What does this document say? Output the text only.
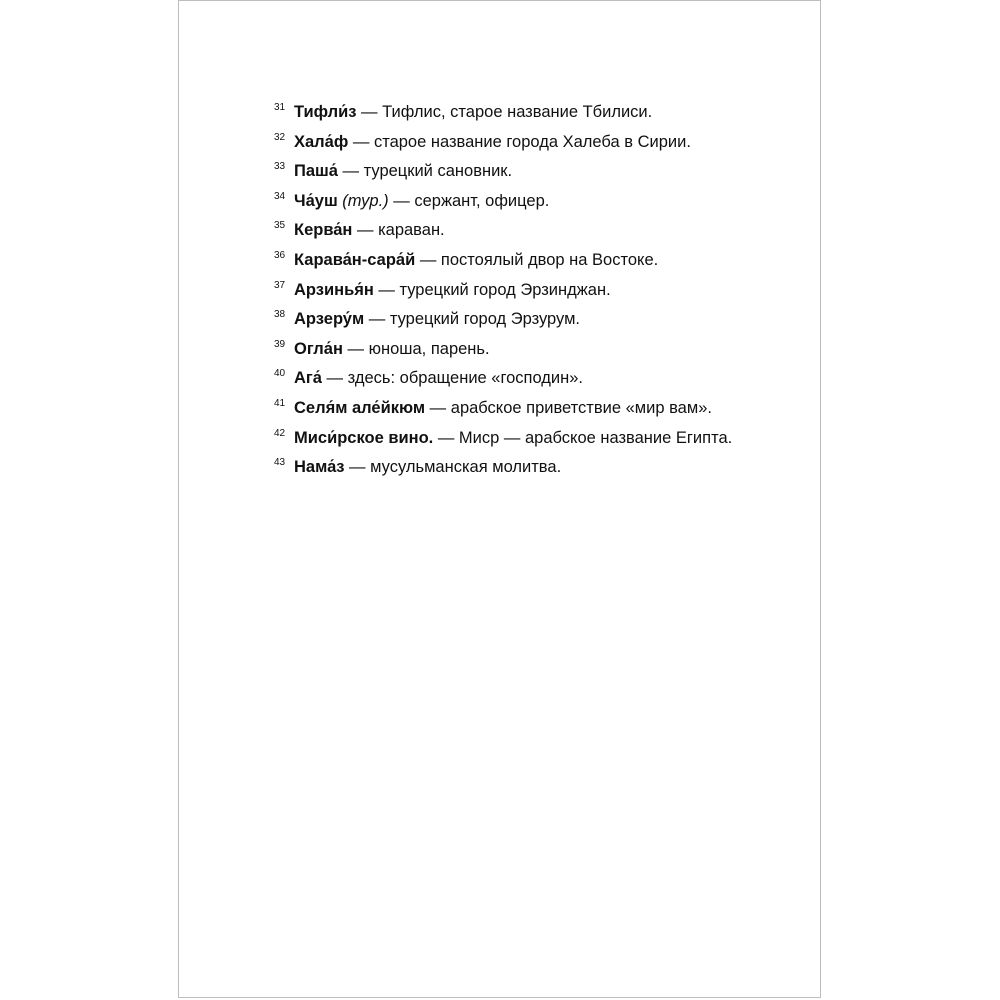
31 Тифли́з — Тифлис, старое название Тбилиси.
32 Хала́ф — старое название города Халеба в Сирии.
33 Паша́ — турецкий сановник.
34 Ча́уш (тур.) — сержант, офицер.
35 Керва́н — караван.
36 Карава́н-сара́й — постоялый двор на Востоке.
37 Арзинья́н — турецкий город Эрзинджан.
38 Арзеру́м — турецкий город Эрзурум.
39 Огла́н — юноша, парень.
40 Ага́ — здесь: обращение «господин».
41 Селя́м але́йкюм — арабское приветствие «мир вам».
42 Миси́рское вино. — Миср — арабское название Египта.
43 Нама́з — мусульманская молитва.
